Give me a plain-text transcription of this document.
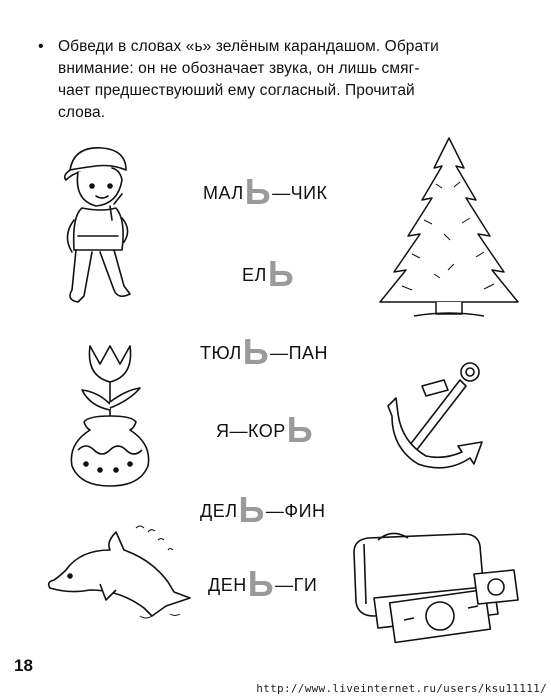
• Обведи в словах «ь» зелёным карандашом. Обрати
внимание: он не обозначает звука, он лишь смяг-
чает предшествуюший ему согласный. Прочитай
слова.
МАЛ Ь —ЧИК
ЕЛ Ь
ТЮЛ Ь —ПАН
Я—КОР Ь
ДЕЛ Ь —ФИН
ДЕН Ь —ГИ
18
http://www.liveinternet.ru/users/ksu11111/
